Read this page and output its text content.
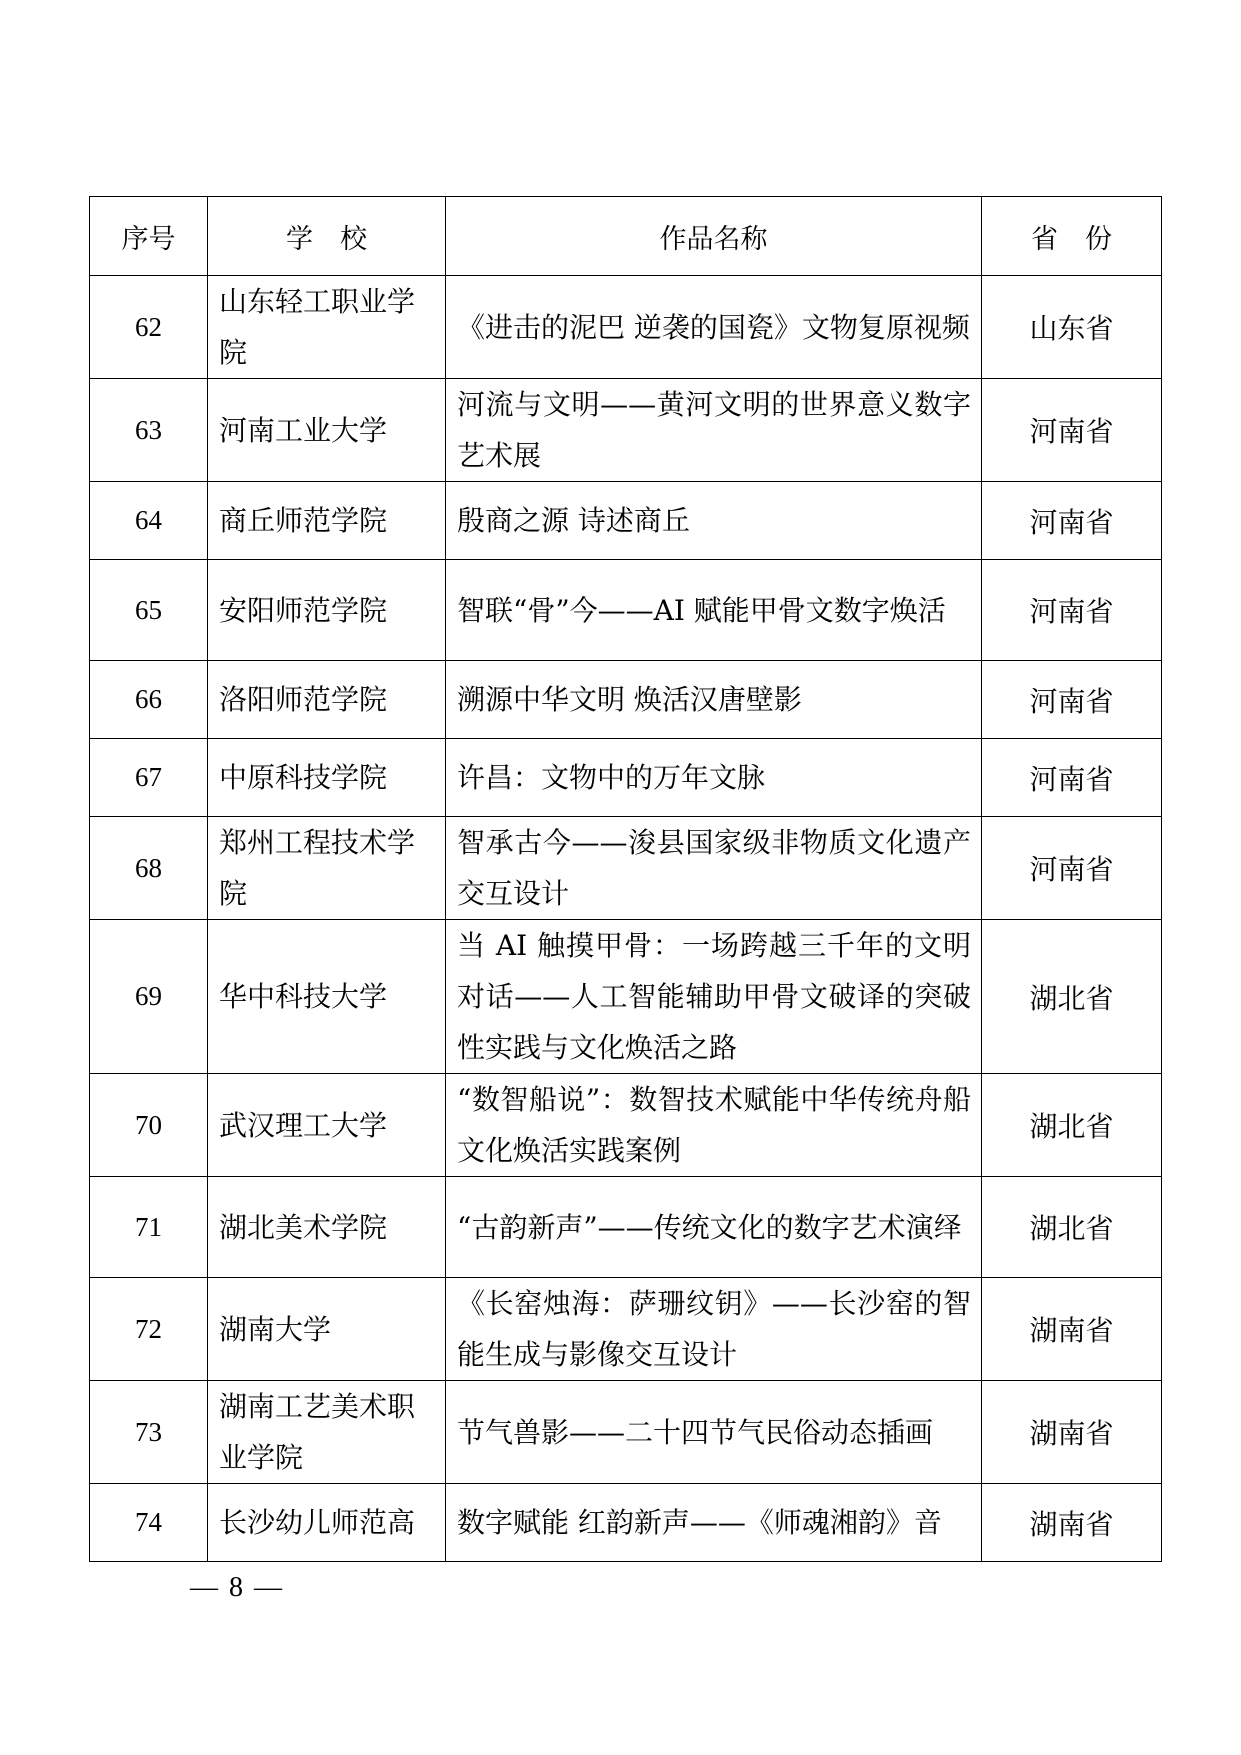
序号	学　校	作品名称	省　份
62	山东轻工职业学院	《进击的泥巴 逆袭的国瓷》文物复原视频	山东省
63	河南工业大学	河流与文明——黄河文明的世界意义数字艺术展	河南省
64	商丘师范学院	殷商之源 诗述商丘	河南省
65	安阳师范学院	智联“骨”今——AI 赋能甲骨文数字焕活	河南省
66	洛阳师范学院	溯源中华文明 焕活汉唐壁影	河南省
67	中原科技学院	许昌：文物中的万年文脉	河南省
68	郑州工程技术学院	智承古今——浚县国家级非物质文化遗产交互设计	河南省
69	华中科技大学	当 AI 触摸甲骨：一场跨越三千年的文明对话——人工智能辅助甲骨文破译的突破性实践与文化焕活之路	湖北省
70	武汉理工大学	“数智船说”：数智技术赋能中华传统舟船文化焕活实践案例	湖北省
71	湖北美术学院	“古韵新声”——传统文化的数字艺术演绎	湖北省
72	湖南大学	《长窑烛海：萨珊纹钥》——长沙窑的智能生成与影像交互设计	湖南省
73	湖南工艺美术职业学院	节气兽影——二十四节气民俗动态插画	湖南省
74	长沙幼儿师范高	数字赋能 红韵新声——《师魂湘韵》音	湖南省
— 8 —
